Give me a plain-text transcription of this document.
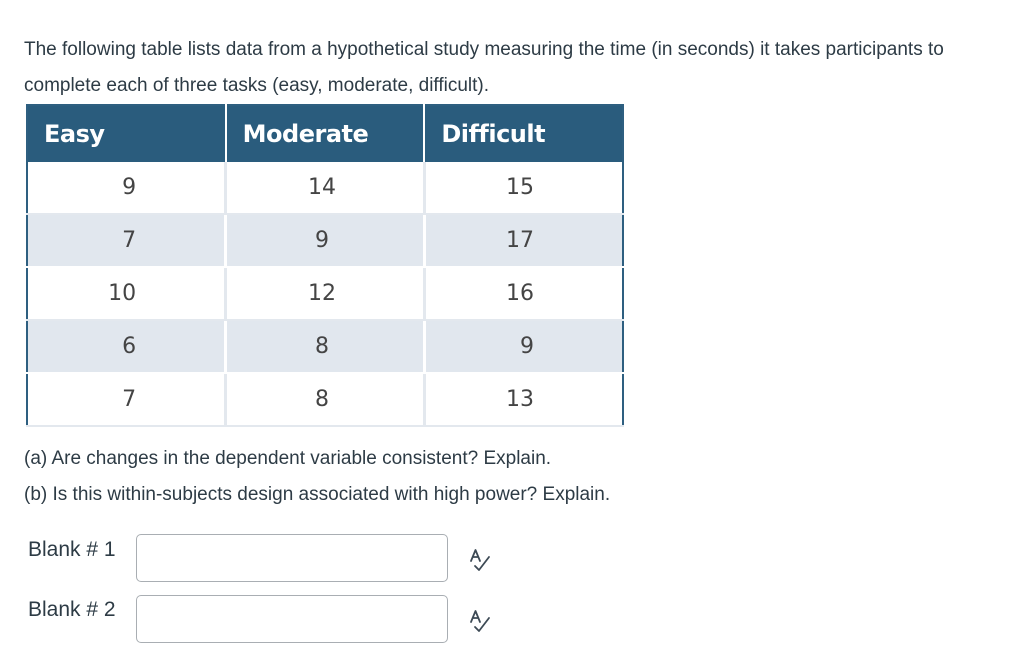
The following table lists data from a hypothetical study measuring the time (in seconds) it takes participants to complete each of three tasks (easy, moderate, difficult).

Easy	Moderate	Difficult
9	14	15
7	9	17
10	12	16
6	8	9
7	8	13

(a) Are changes in the dependent variable consistent? Explain.

(b) Is this within-subjects design associated with high power? Explain.

Blank # 1
Blank # 2
